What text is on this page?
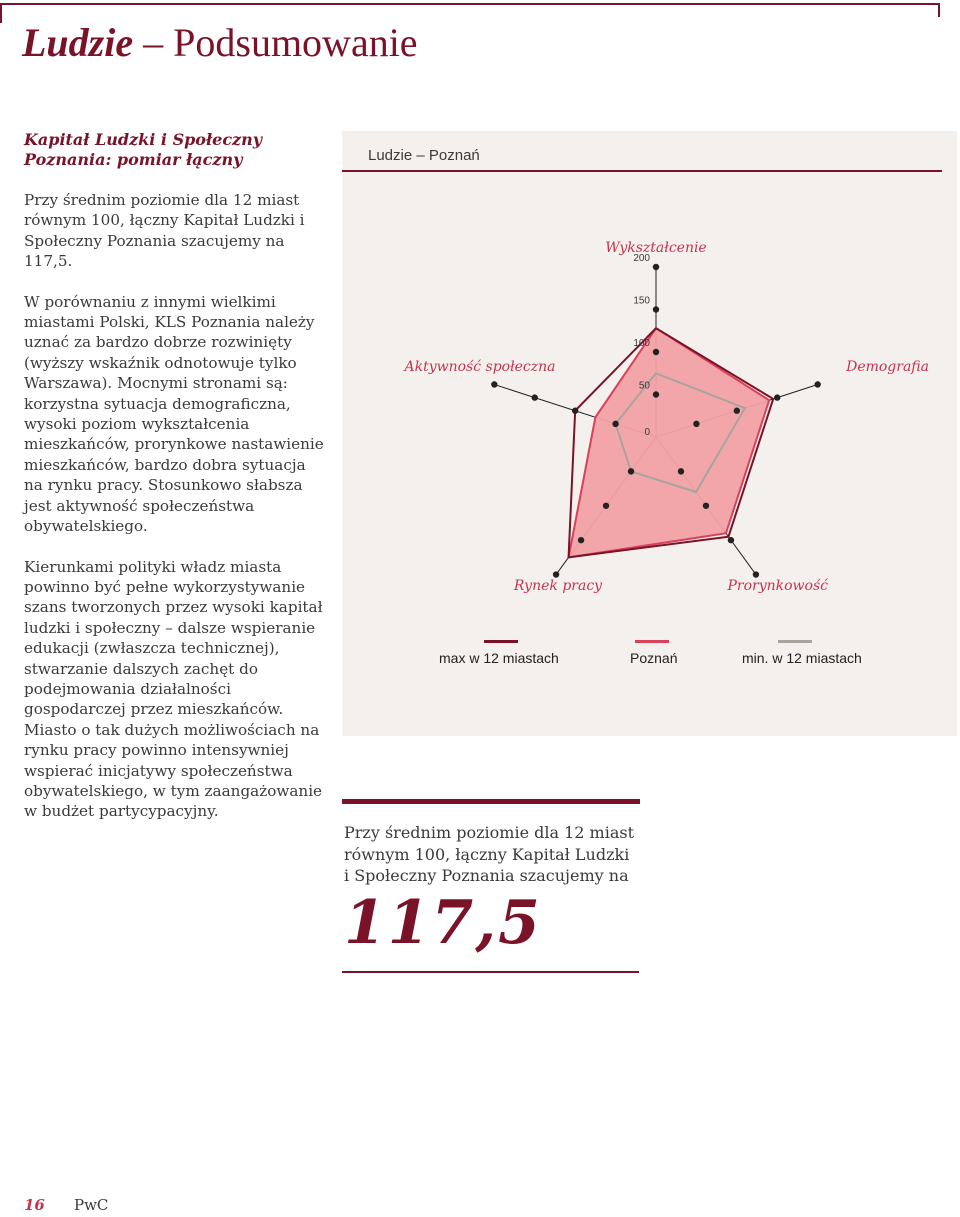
Ludzie – Podsumowanie
Kapitał Ludzki i Społeczny Poznania: pomiar łączny

Przy średnim poziomie dla 12 miast równym 100, łączny Kapitał Ludzki i Społeczny Poznania szacujemy na 117,5.

W porównaniu z innymi wielkimi miastami Polski, KLS Poznania należy uznać za bardzo dobrze rozwinięty (wyższy wskaźnik odnotowuje tylko Warszawa). Mocnymi stronami są: korzystna sytuacja demograficzna, wysoki poziom wykształcenia mieszkańców, prorynkowe nastawienie mieszkańców, bardzo dobra sytuacja na rynku pracy. Stosunkowo słabsza jest aktywność społeczeństwa obywatelskiego.

Kierunkami polityki władz miasta powinno być pełne wykorzystywanie szans tworzonych przez wysoki kapitał ludzki i społeczny – dalsze wspieranie edukacji (zwłaszcza technicznej), stwarzanie dalszych zachęt do podejmowania działalności gospodarczej przez mieszkańców. Miasto o tak dużych możliwościach na rynku pracy powinno intensywniej wspierać inicjatywy społeczeństwa obywatelskiego, w tym zaangażowanie w budżet partycypacyjny.

Ludzie – Poznań
0
50
100
150
200
Wykształcenie
Demografia
Prorynkowość
Rynek pracy
Aktywność społeczna
max w 12 miastach	Poznań	min. w 12 miastach
Przy średnim poziomie dla 12 miast równym 100, łączny Kapitał Ludzki i Społeczny Poznania szacujemy na
117,5
16 PwC
